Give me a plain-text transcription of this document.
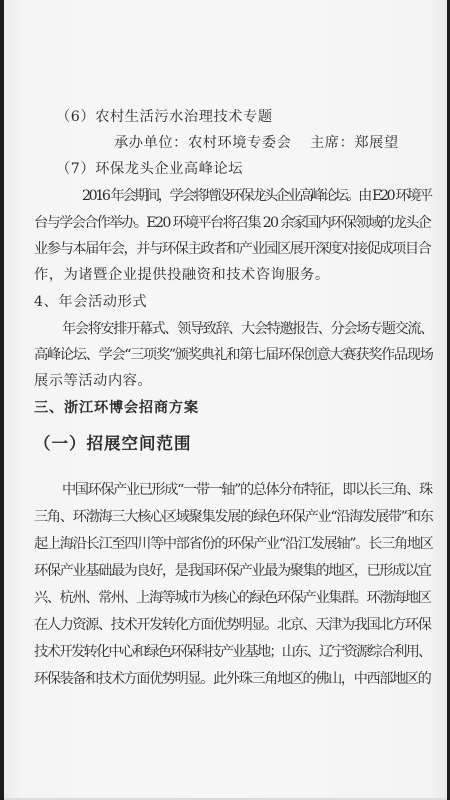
（6）农村生活污水治理技术专题
承办单位：农村环境专委会 主席：郑展望
（7）环保龙头企业高峰论坛
2016 年会期间，学会将增设环保龙头企业高峰论坛。由 E20 环境平
台与学会合作举办。E20 环境平台将召集 20 余家国内环保领域的龙头企
业参与本届年会，并与环保主政者和产业园区展开深度对接促成项目合
作，为诸暨企业提供投融资和技术咨询服务。
4、年会活动形式
年会将安排开幕式、领导致辞、大会特邀报告、分会场专题交流、
高峰论坛、学会“三项奖”颁奖典礼和第七届环保创意大赛获奖作品现场
展示等活动内容。
三、浙江环博会招商方案
（一）招展空间范围
中国环保产业已形成“一带一轴”的总体分布特征，即以长三角、珠
三角、环渤海三大核心区域聚集发展的绿色环保产业“沿海发展带”和东
起上海沿长江至四川等中部省份的环保产业“沿江发展轴”。长三角地区
环保产业基础最为良好，是我国环保产业最为聚集的地区，已形成以宜
兴、杭州、常州、上海等城市为核心的绿色环保产业集群。环渤海地区
在人力资源、技术开发转化方面优势明显。北京、天津为我国北方环保
技术开发转化中心和绿色环保科技产业基地；山东、辽宁资源综合利用、
环保装备和技术方面优势明显。此外珠三角地区的佛山，中西部地区的
